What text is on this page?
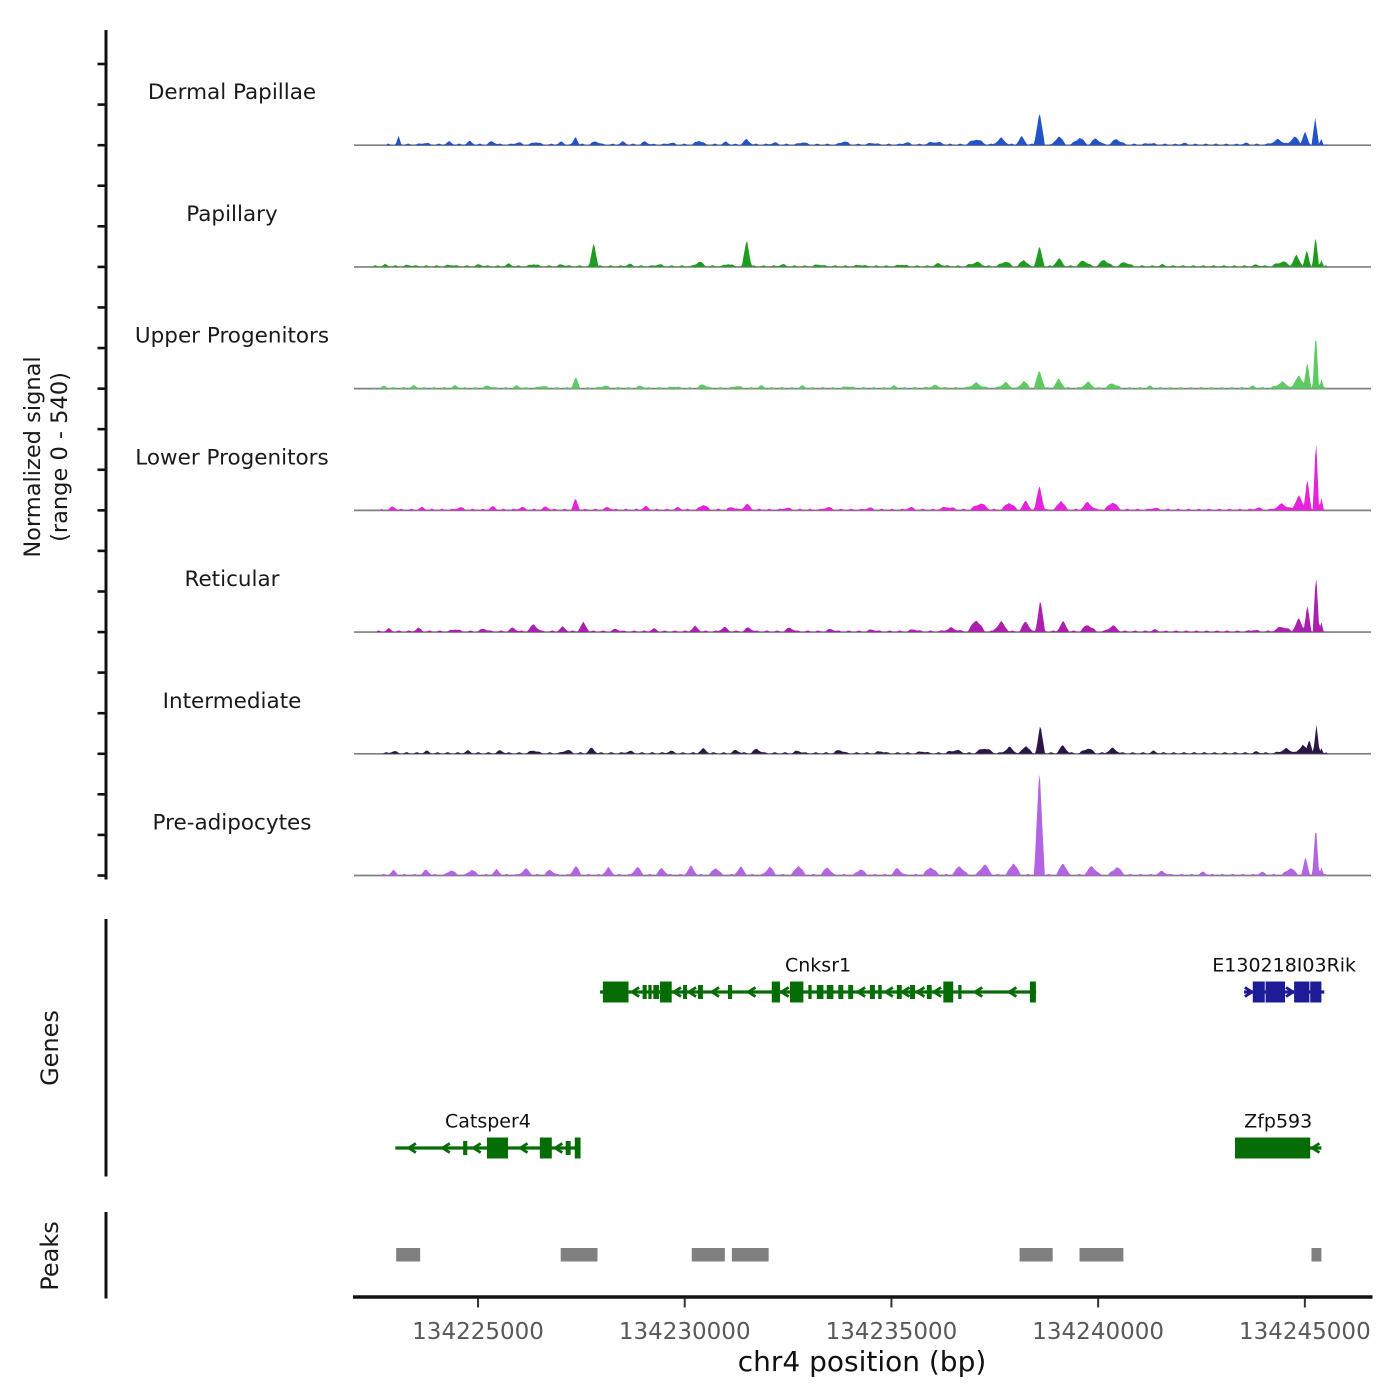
Dermal Papillae
Papillary
Upper Progenitors
Lower Progenitors
Reticular
Intermediate
Pre-adipocytes
Normalized signal (range 0 - 540)
Genes
Cnksr1	E130218I03Rik
Catsper4	Zfp593
Peaks
134225000	134230000	134235000	134240000	134245000
chr4 position (bp)
